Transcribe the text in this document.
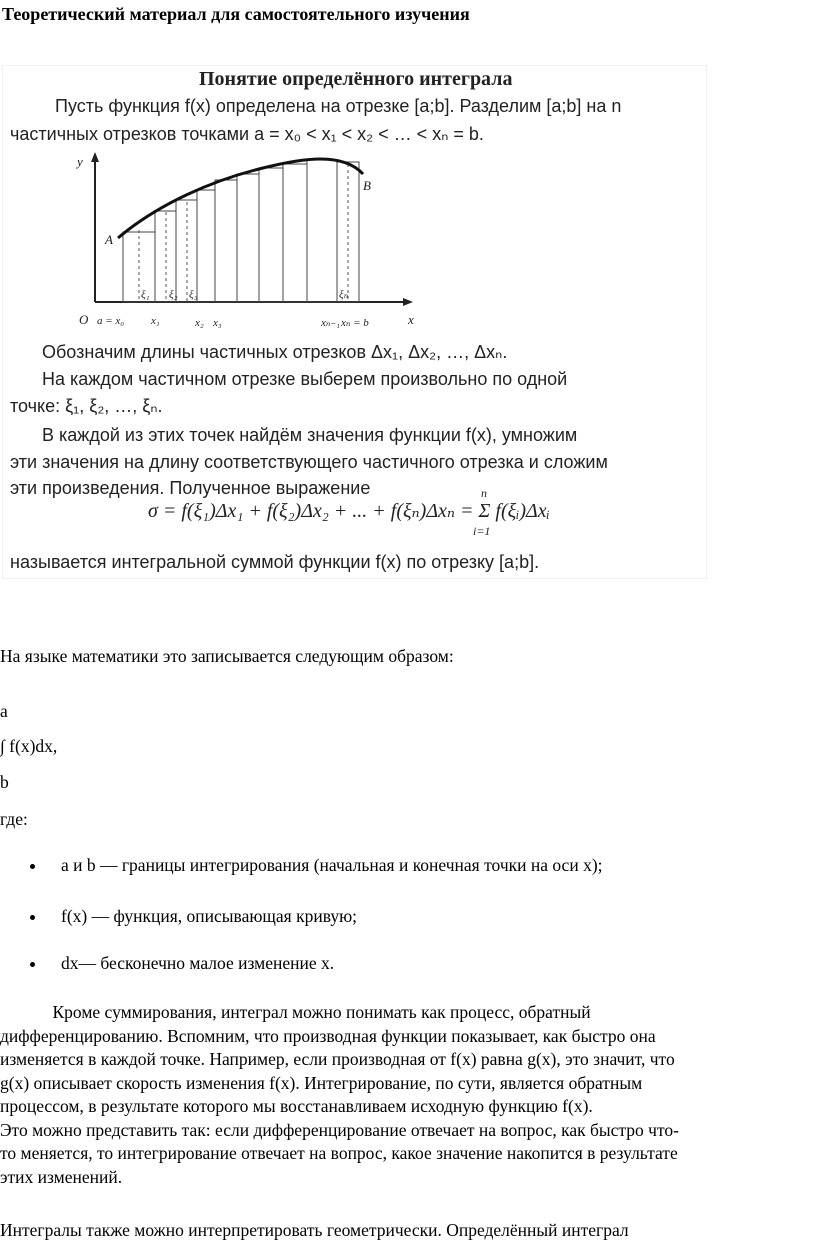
Теоретический материал для самостоятельного изучения
Понятие определённого интеграла
Пусть функция f(x) определена на отрезке [a;b]. Разделим [a;b] на n
частичных отрезков точками a = x₀ < x₁ < x₂ < … < xₙ = b.
y
x
O
A
B
a = x₀ x₁	x₂ x₃	xₙ₋₁ xₙ = b
ξ₁ ξ₂ ξ₃	ξₙ
Обозначим длины частичных отрезков Δx₁, Δx₂, …, Δxₙ.
На каждом частичном отрезке выберем произвольно по одной
точке: ξ₁, ξ₂, …, ξₙ.
В каждой из этих точек найдём значения функции f(x), умножим
эти значения на длину соответствующего частичного отрезка и сложим
эти произведения. Полученное выражение
σ = f(ξ₁)Δx₁ + f(ξ₂)Δx₂ + ... + f(ξₙ)Δxₙ = Σ f(ξᵢ)Δxᵢ
n
i=1
называется интегральной суммой функции f(x) по отрезку [a;b].
На языке математики это записывается следующим образом:
a
∫ f(x)dx,
b
где:
a и b — границы интегрирования (начальная и конечная точки на оси x);
f(x) — функция, описывающая кривую;
dx— бесконечно малое изменение x.
Кроме суммирования, интеграл можно понимать как процесс, обратный
дифференцированию. Вспомним, что производная функции показывает, как быстро она
изменяется в каждой точке. Например, если производная от f(x) равна g(x), это значит, что
g(x) описывает скорость изменения f(x). Интегрирование, по сути, является обратным
процессом, в результате которого мы восстанавливаем исходную функцию f(x).
Это можно представить так: если дифференцирование отвечает на вопрос, как быстро что-
то меняется, то интегрирование отвечает на вопрос, какое значение накопится в результате
этих изменений.
Интегралы также можно интерпретировать геометрически. Определённый интеграл
